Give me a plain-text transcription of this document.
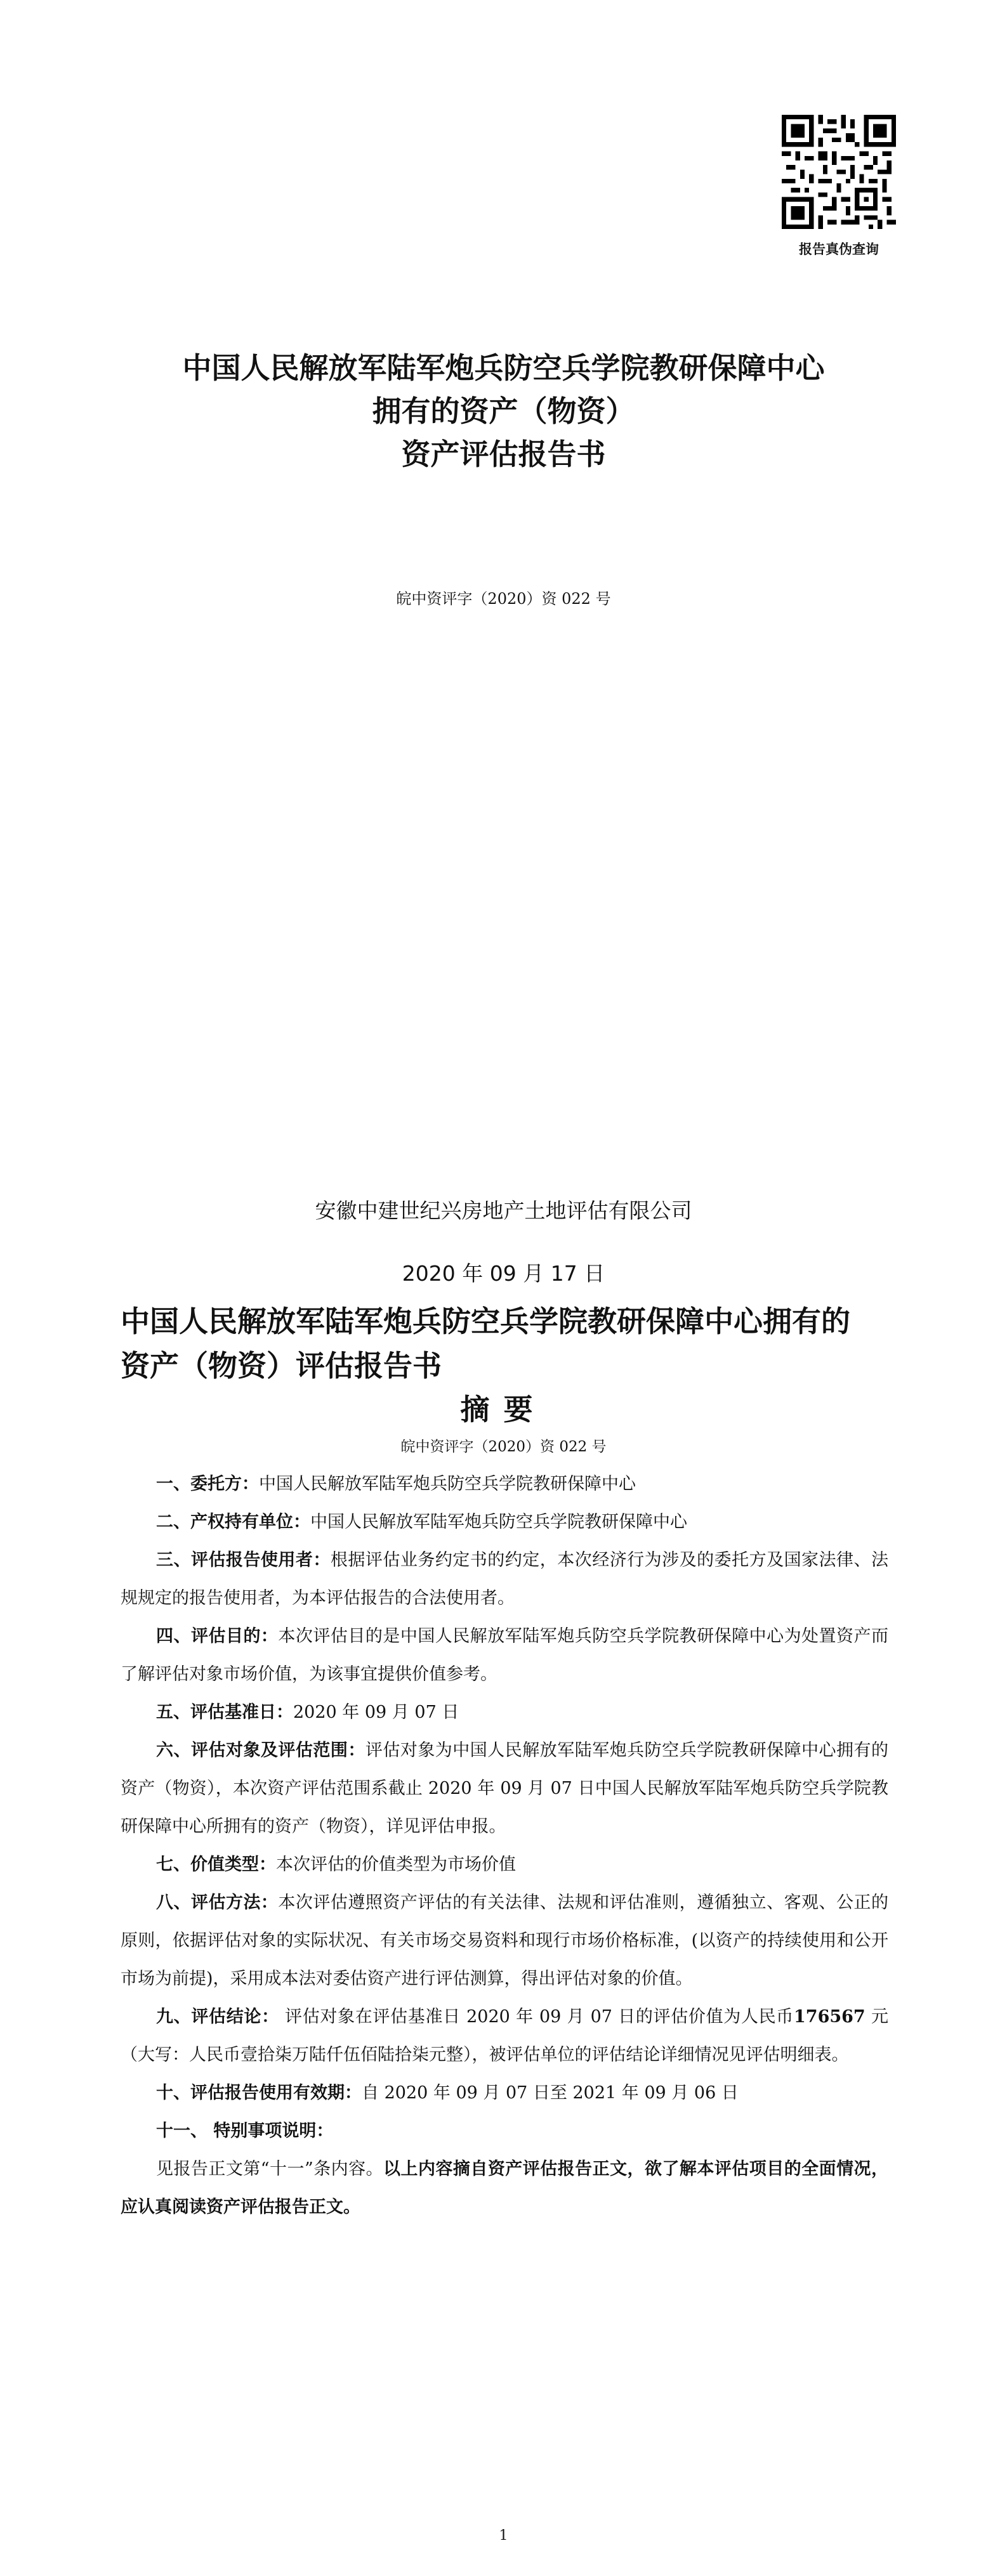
报告真伪查询
中国人民解放军陆军炮兵防空兵学院教研保障中心
拥有的资产（物资）
资产评估报告书
皖中资评字（2020）资 022 号
安徽中建世纪兴房地产土地评估有限公司
2020 年 09 月 17 日
中国人民解放军陆军炮兵防空兵学院教研保障中心拥有的
资产（物资）评估报告书
摘要
皖中资评字（2020）资 022 号

一、委托方：中国人民解放军陆军炮兵防空兵学院教研保障中心

二、产权持有单位：中国人民解放军陆军炮兵防空兵学院教研保障中心

三、评估报告使用者：根据评估业务约定书的约定，本次经济行为涉及的委托方及国家法律、法规规定的报告使用者，为本评估报告的合法使用者。

四、评估目的：本次评估目的是中国人民解放军陆军炮兵防空兵学院教研保障中心为处置资产而了解评估对象市场价值，为该事宜提供价值参考。

五、评估基准日：2020 年 09 月 07 日

六、评估对象及评估范围：评估对象为中国人民解放军陆军炮兵防空兵学院教研保障中心拥有的资产（物资），本次资产评估范围系截止 2020 年 09 月 07 日中国人民解放军陆军炮兵防空兵学院教研保障中心所拥有的资产（物资），详见评估申报。

七、价值类型：本次评估的价值类型为市场价值

八、评估方法：本次评估遵照资产评估的有关法律、法规和评估准则，遵循独立、客观、公正的原则，依据评估对象的实际状况、有关市场交易资料和现行市场价格标准，(以资产的持续使用和公开市场为前提)，采用成本法对委估资产进行评估测算，得出评估对象的价值。

九、评估结论： 评估对象在评估基准日 2020 年 09 月 07 日的评估价值为人民币176567 元（大写：人民币壹拾柒万陆仟伍佰陆拾柒元整），被评估单位的评估结论详细情况见评估明细表。

十、评估报告使用有效期：自 2020 年 09 月 07 日至 2021 年 09 月 06 日

十一、 特别事项说明：

见报告正文第“十一”条内容。以上内容摘自资产评估报告正文，欲了解本评估项目的全面情况，应认真阅读资产评估报告正文。

1
